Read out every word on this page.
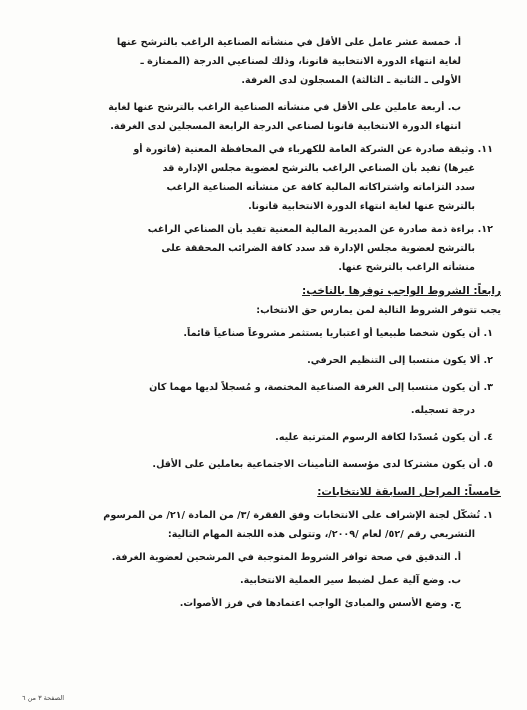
أ. خمسة عشر عامل على الأقل في منشأته الصناعية الراغب بالترشح عنها
لغاية انتهاء الدورة الانتخابية قانونا، وذلك لصناعيي الدرجة (الممتازة ـ
الأولى ـ الثانية ـ الثالثة) المسجلون لدى الغرفة.
ب. أربعة عاملين على الأقل في منشأته الصناعية الراغب بالترشح عنها لغاية
انتهاء الدورة الانتخابية قانونا لصناعي الدرجة الرابعة المسجلين لدى الغرفة.
١١. وثيقة صادرة عن الشركة العامة للكهرباء في المحافظة المعنية (فاتورة أو
غيرها) تفيد بأن الصناعي الراغب بالترشح لعضوية مجلس الإدارة قد
سدد التزاماته واشتراكاته المالية كافة عن منشأته الصناعية الراغب
بالترشح عنها لغاية انتهاء الدورة الانتخابية قانونا.
١٢. براءة ذمة صادرة عن المديرية المالية المعنية تفيد بأن الصناعي الراغب
بالترشح لعضوية مجلس الإدارة قد سدد كافة الضرائب المحققة على
منشأته الراغب بالترشح عنها.
رابعاً: الشروط الواجب توفرها بالناخب:
يجب تتوفر الشروط التالية لمن يمارس حق الانتخاب:
١. أن يكون شخصا طبيعيا أو اعتباريا يستثمر مشروعاً صناعياً قائماً.
٢. ألا يكون منتسبا إلى التنظيم الحرفي.
٣. أن يكون منتسبا إلى الغرفة الصناعية المختصة، و مُسجلاً لديها مهما كان
درجة تسجيله.
٤. أن يكون مُسدّدا لكافة الرسوم المترتبة عليه.
٥. أن يكون مشتركا لدى مؤسسة التأمينات الاجتماعية بعاملين على الأقل.
خامساً: المراحل السابقة للانتخابات:
١. تُشكّل لجنة الإشراف على الانتخابات وفق الفقرة /٣/ من المادة /٢١/ من المرسوم
التشريعي رقم /٥٢/ لعام /٢٠٠٩/، وتتولى هذه اللجنة المهام التالية:
أ. التدقيق في صحة توافر الشروط المتوجبة في المرشحين لعضوية الغرفة.
ب. وضع آلية عمل لضبط سير العملية الانتخابية.
ج. وضع الأسس والمبادئ الواجب اعتمادها في فرز الأصوات.
الصفحة ٣ من ٦
